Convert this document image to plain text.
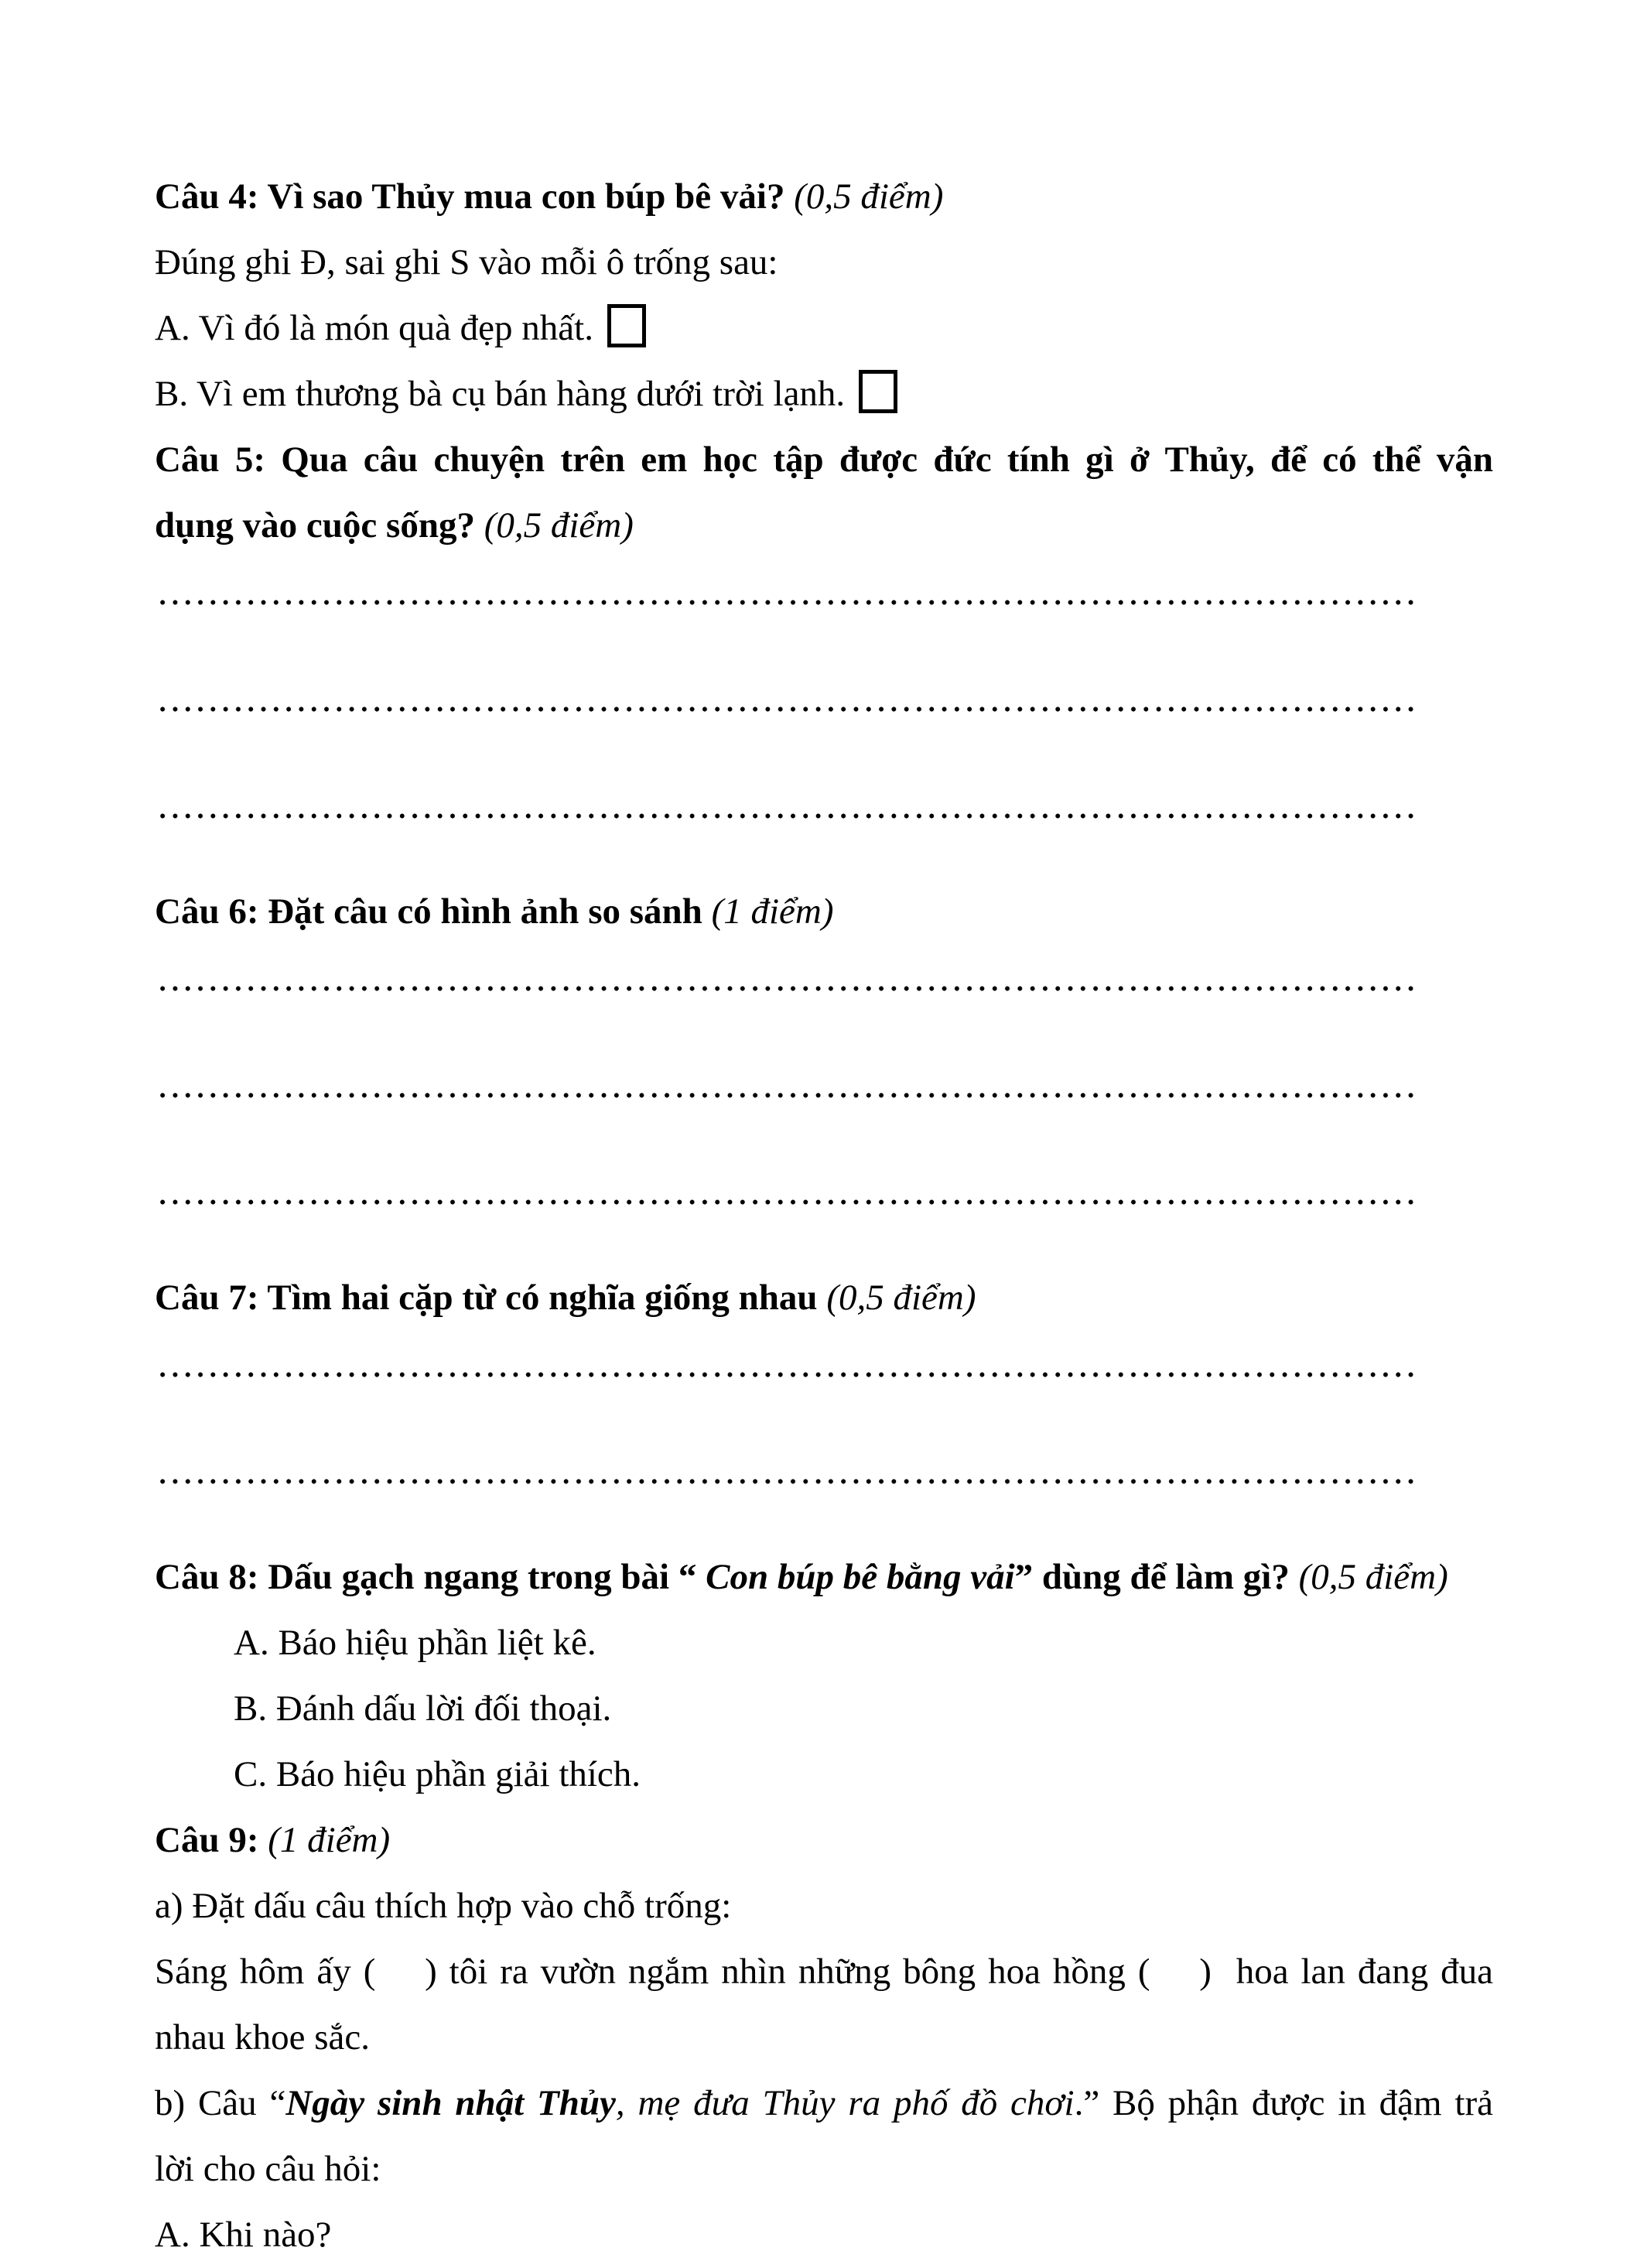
Câu 4: Vì sao Thủy mua con búp bê vải? (0,5 điểm)
Đúng ghi Đ, sai ghi S vào mỗi ô trống sau:
A. Vì đó là món quà đẹp nhất.
B. Vì em thương bà cụ bán hàng dưới trời lạnh.
Câu 5: Qua câu chuyện trên em học tập được đức tính gì ở Thủy, để có thể vận
dụng vào cuộc sống? (0,5 điểm)
Câu 6: Đặt câu có hình ảnh so sánh (1 điểm)
Câu 7: Tìm hai cặp từ có nghĩa giống nhau (0,5 điểm)
Câu 8: Dấu gạch ngang trong bài “ Con búp bê bằng vải” dùng để làm gì? (0,5 điểm)
A. Báo hiệu phần liệt kê.
B. Đánh dấu lời đối thoại.
C. Báo hiệu phần giải thích.
Câu 9: (1 điểm)
a) Đặt dấu câu thích hợp vào chỗ trống:
Sáng hôm ấy (    ) tôi ra vườn ngắm nhìn những bông hoa hồng (    )  hoa lan đang đua
nhau khoe sắc.
b) Câu “Ngày sinh nhật Thủy, mẹ đưa Thủy ra phố đồ chơi.” Bộ phận được in đậm trả
lời cho câu hỏi:
A. Khi nào?
